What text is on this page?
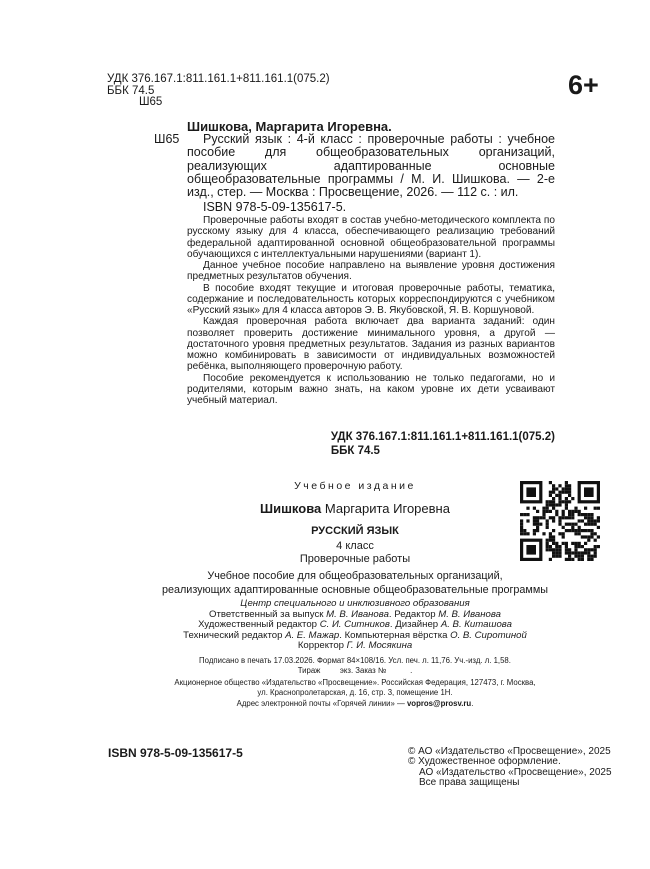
УДК 376.167.1:811.161.1+811.161.1(075.2)
ББК 74.5
Ш65
6+
Шишкова, Маргарита Игоревна.
Ш65	Русский язык : 4-й класс : проверочные работы : учебное пособие для общеобразовательных организаций, реализующих адаптированные основные общеобразовательные программы / М. И. Шишкова. — 2-е изд., стер. — Москва : Просвещение, 2026. — 112 с. : ил.
ISBN 978-5-09-135617-5.

Проверочные работы входят в состав учебно-методического комплекта по русскому языку для 4 класса, обеспечивающего реализацию требований федеральной адаптированной основной общеобразовательной программы обучающихся с интеллектуальными нарушениями (вариант 1).

Данное учебное пособие направлено на выявление уровня достижения предметных результатов обучения.

В пособие входят текущие и итоговая проверочные работы, тематика, содержание и последовательность которых корреспондируются с учебником «Русский язык» для 4 класса авторов Э. В. Якубовской, Я. В. Коршуновой.

Каждая проверочная работа включает два варианта заданий: один позволяет проверить достижение минимального уровня, а другой — достаточного уровня предметных результатов. Задания из разных вариантов можно комбинировать в зависимости от индивидуальных возможностей ребёнка, выполняющего проверочную работу.

Пособие рекомендуется к использованию не только педагогами, но и родителями, которым важно знать, на каком уровне их дети усваивают учебный материал.

УДК 376.167.1:811.161.1+811.161.1(075.2)
ББК 74.5
Учебное издание
Шишкова Маргарита Игоревна
РУССКИЙ ЯЗЫК
4 класс
Проверочные работы
Учебное пособие для общеобразовательных организаций,
реализующих адаптированные основные общеобразовательные программы
Центр специального и инклюзивного образования
Ответственный за выпуск М. В. Иванова. Редактор М. В. Иванова
Художественный редактор С. И. Ситников. Дизайнер А. В. Киташова
Технический редактор А. Е. Мажар. Компьютерная вёрстка О. В. Сиротиной
Корректор Г. И. Мосякина
Подписано в печать 17.03.2026. Формат 84×108/16. Усл. печ. л. 11,76. Уч.-изд. л. 1,58.
Тираж         экз. Заказ №           .
Акционерное общество «Издательство «Просвещение». Российская Федерация, 127473, г. Москва,
ул. Краснопролетарская, д. 16, стр. 3, помещение 1Н.
Адрес электронной почты «Горячей линии» — vopros@prosv.ru.
ISBN 978-5-09-135617-5	© АО «Издательство «Просвещение», 2025
© Художественное оформление.
АО «Издательство «Просвещение», 2025
Все права защищены
